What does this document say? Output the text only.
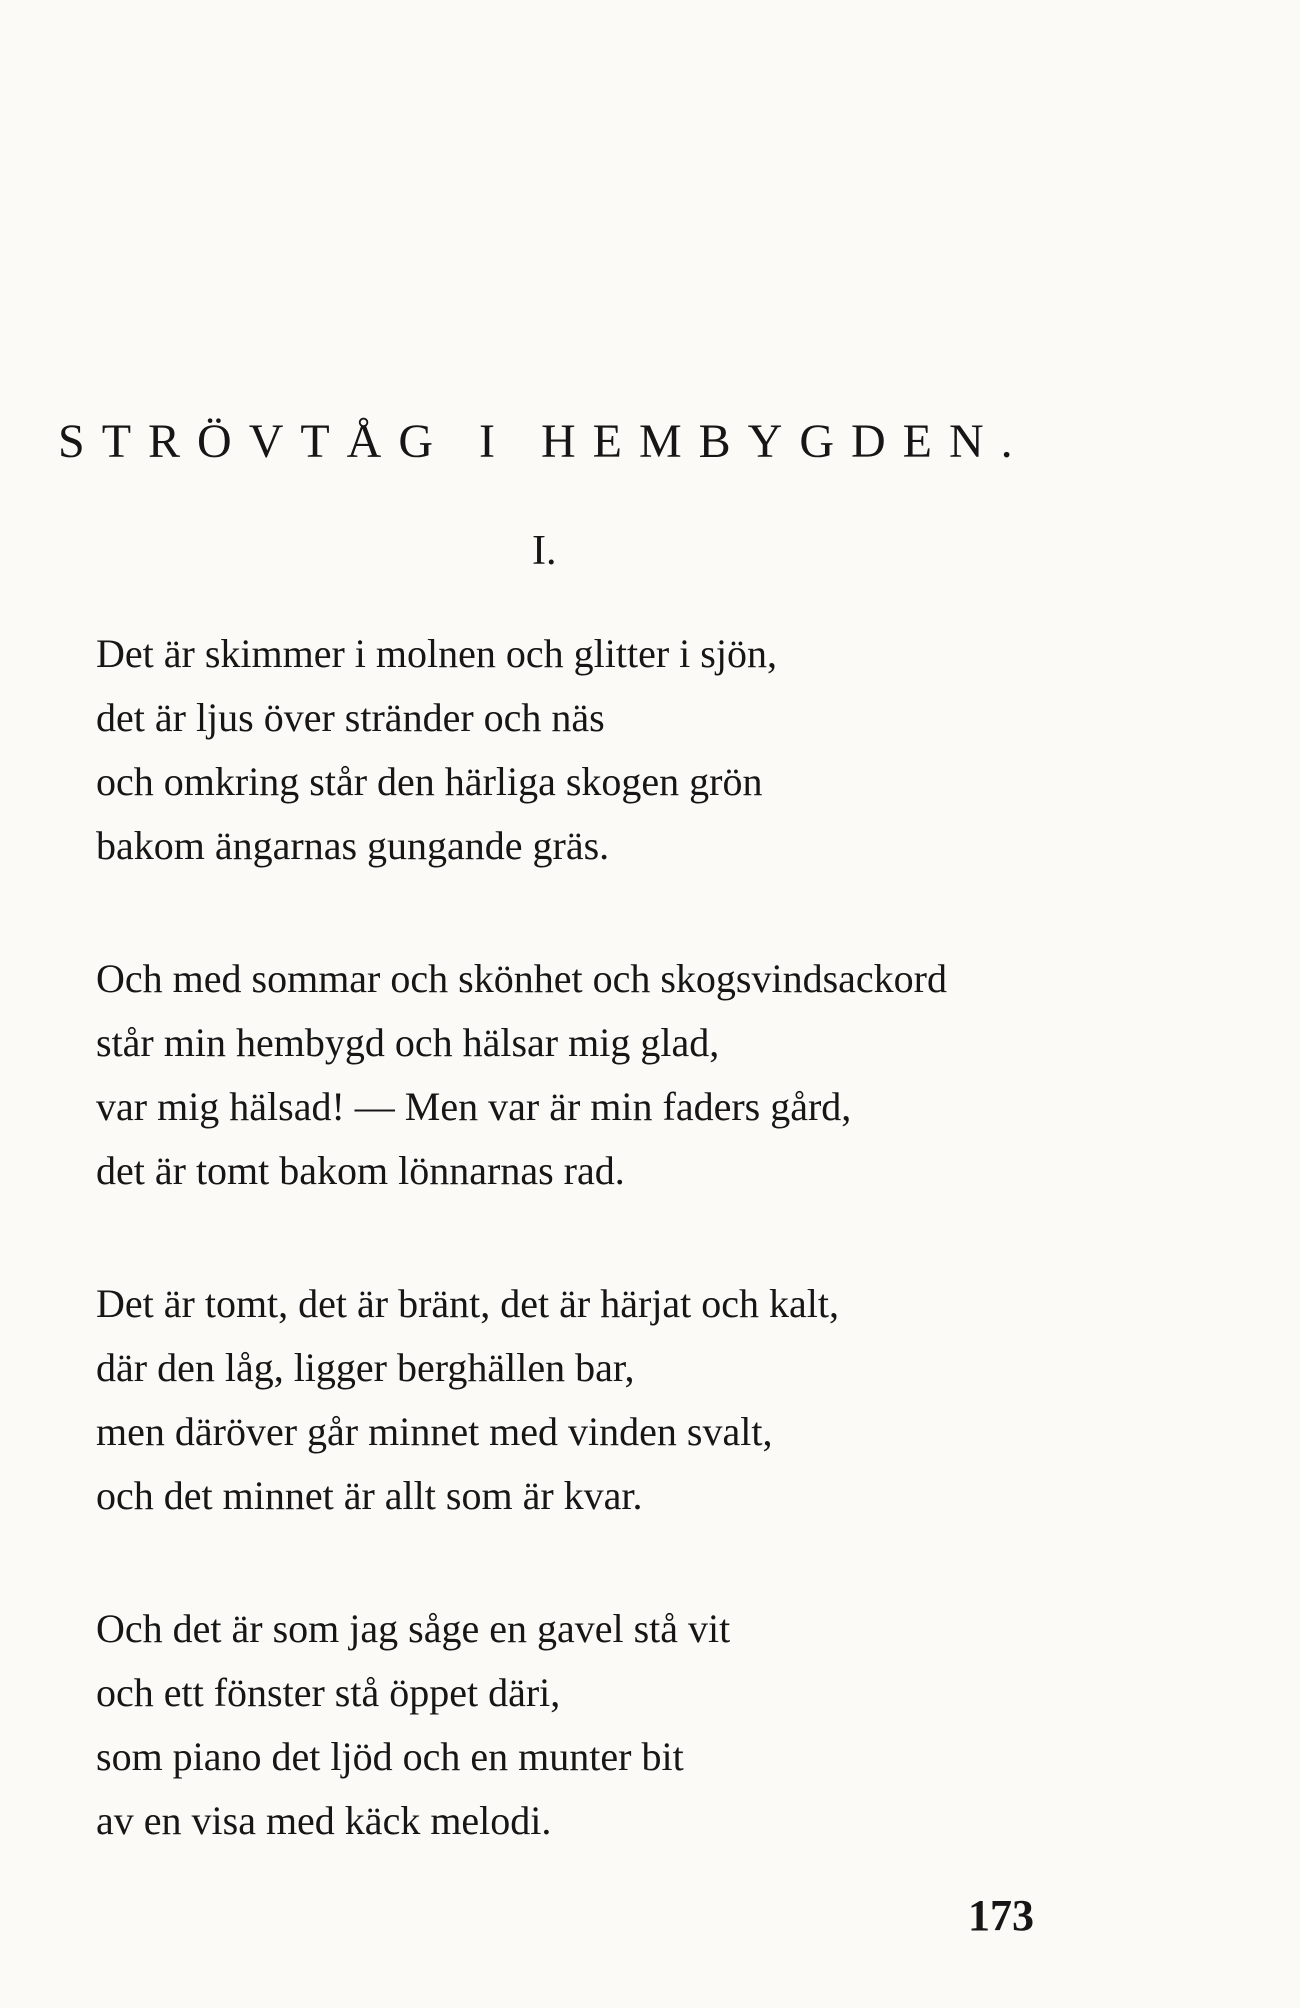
STRÖVTÅG I HEMBYGDEN.
I.

Det är skimmer i molnen och glitter i sjön,
det är ljus över stränder och näs
och omkring står den härliga skogen grön
bakom ängarnas gungande gräs.

Och med sommar och skönhet och skogsvindsackord
står min hembygd och hälsar mig glad,
var mig hälsad! — Men var är min faders gård,
det är tomt bakom lönnarnas rad.

Det är tomt, det är bränt, det är härjat och kalt,
där den låg, ligger berghällen bar,
men däröver går minnet med vinden svalt,
och det minnet är allt som är kvar.

Och det är som jag såge en gavel stå vit
och ett fönster stå öppet däri,
som piano det ljöd och en munter bit
av en visa med käck melodi.

173
